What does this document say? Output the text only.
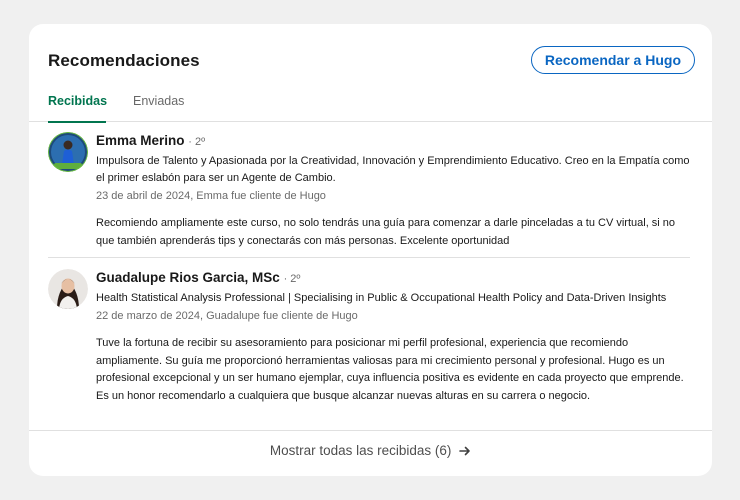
Recomendaciones	Recomendar a Hugo
Recibidas Enviadas
Emma Merino · 2º
Impulsora de Talento y Apasionada por la Creatividad, Innovación y Emprendimiento Educativo. Creo en la Empatía como el primer eslabón para ser un Agente de Cambio.
23 de abril de 2024, Emma fue cliente de Hugo
Recomiendo ampliamente este curso, no solo tendrás una guía para comenzar a darle pinceladas a tu CV virtual, si no que también aprenderás tips y conectarás con más personas. Excelente oportunidad
Guadalupe Rios Garcia, MSc · 2º
Health Statistical Analysis Professional | Specialising in Public & Occupational Health Policy and Data-Driven Insights
22 de marzo de 2024, Guadalupe fue cliente de Hugo
Tuve la fortuna de recibir su asesoramiento para posicionar mi perfil profesional, experiencia que recomiendo ampliamente. Su guía me proporcionó herramientas valiosas para mi crecimiento personal y profesional. Hugo es un profesional excepcional y un ser humano ejemplar, cuya influencia positiva es evidente en cada proyecto que emprende. Es un honor recomendarlo a cualquiera que busque alcanzar nuevas alturas en su carrera o negocio.
Mostrar todas las recibidas (6)
